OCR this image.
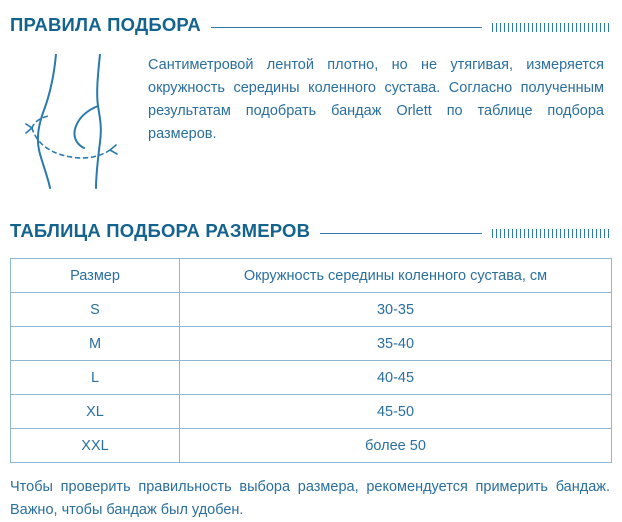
ПРАВИЛА ПОДБОРА
Сантиметровой лентой плотно, но не утягивая, измеряется окружность середины коленного сустава. Согласно полученным результатам подобрать бандаж Orlett по таблице подбора размеров.
ТАБЛИЦА ПОДБОРА РАЗМЕРОВ
Размер	Окружность середины коленного сустава, см
S	30-35
M	35-40
L	40-45
XL	45-50
XXL	более 50
Чтобы проверить правильность выбора размера, рекомендуется примерить бандаж. Важно, чтобы бандаж был удобен.
